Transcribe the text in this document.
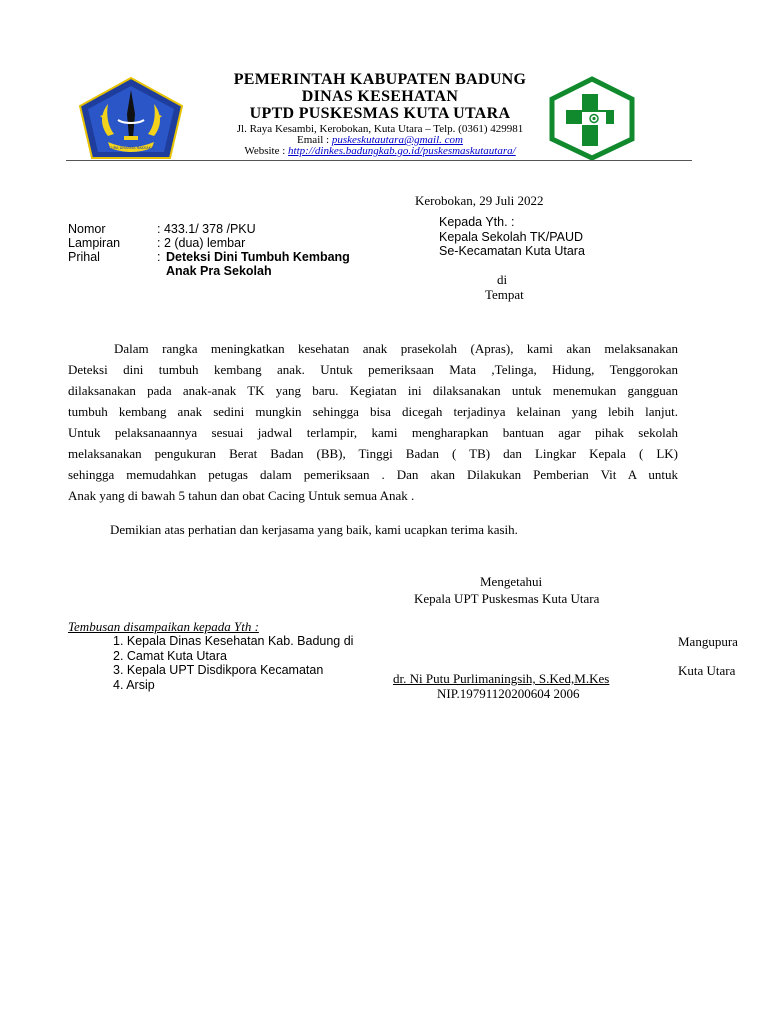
CURA DHARMA RAKSAKA
PEMERINTAH KABUPATEN BADUNG
DINAS KESEHATAN
UPTD PUSKESMAS KUTA UTARA
Jl. Raya Kesambi, Kerobokan, Kuta Utara – Telp. (0361) 429981
Email : puskeskutautara@gmail. com
Website : http://dinkes.badungkab.go.id/puskesmaskutautara/
Kerobokan, 29 Juli 2022
Nomor	: 433.1/ 378 /PKU
Lampiran	: 2 (dua) lembar
Prihal	: Deteksi Dini Tumbuh Kembang
Anak Pra Sekolah
Kepada Yth. :
Kepala Sekolah TK/PAUD
Se-Kecamatan Kuta Utara
di
Tempat
Dalam rangka meningkatkan kesehatan anak prasekolah (Apras), kami akan melaksanakan
Deteksi dini tumbuh kembang anak. Untuk pemeriksaan Mata ,Telinga, Hidung, Tenggorokan
dilaksanakan pada anak-anak TK yang baru. Kegiatan ini dilaksanakan untuk menemukan gangguan
tumbuh kembang anak sedini mungkin sehingga bisa dicegah terjadinya kelainan yang lebih lanjut.
Untuk pelaksanaannya sesuai jadwal terlampir, kami mengharapkan bantuan agar pihak sekolah
melaksanakan pengukuran Berat Badan (BB), Tinggi Badan ( TB) dan Lingkar Kepala ( LK)
sehingga memudahkan petugas dalam pemeriksaan . Dan akan Dilakukan Pemberian Vit A untuk
Anak yang di bawah 5 tahun dan obat Cacing Untuk semua Anak .
Demikian atas perhatian dan kerjasama yang baik, kami ucapkan terima kasih.
Mengetahui
Kepala UPT Puskesmas Kuta Utara
dr. Ni Putu Purlimaningsih, S.Ked,M.Kes
NIP.19791120200604 2006
Tembusan disampaikan kepada Yth :
1. Kepala Dinas Kesehatan Kab. Badung di
2. Camat Kuta Utara
3. Kepala UPT Disdikpora Kecamatan
4. Arsip
Mangupura
Kuta Utara
